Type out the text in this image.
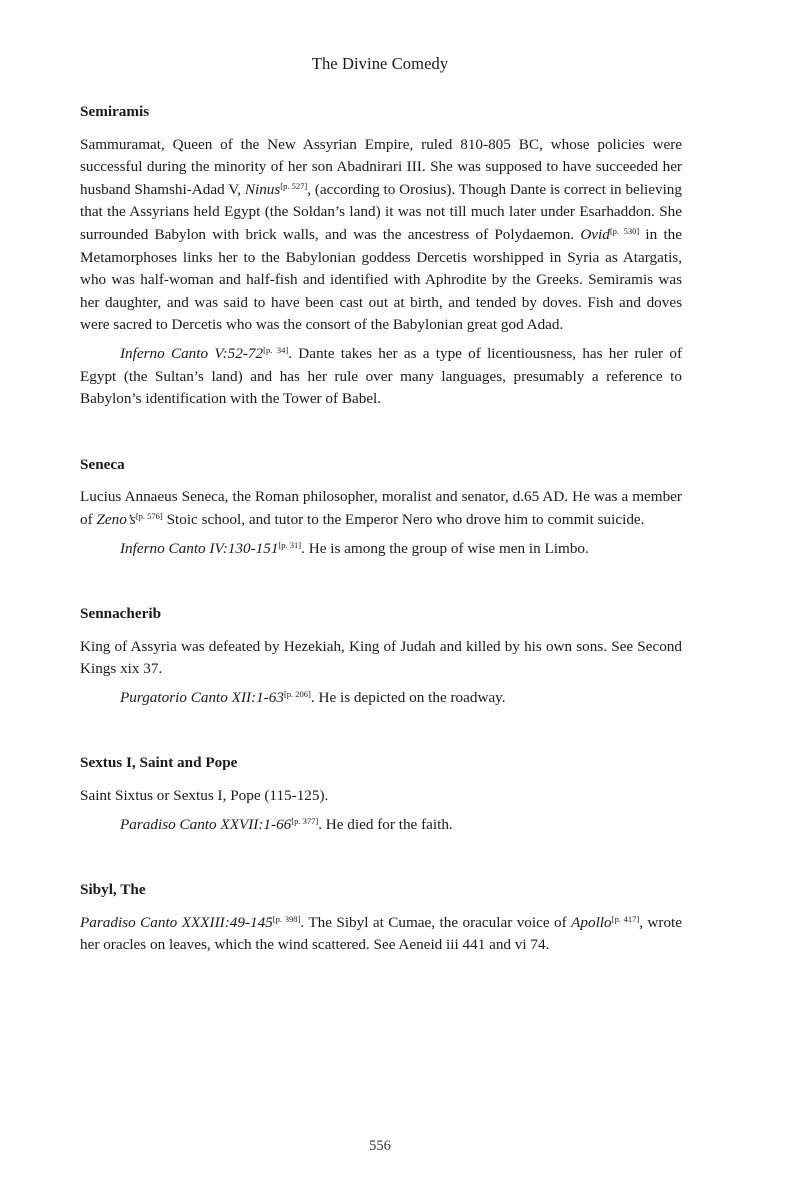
The Divine Comedy
Semiramis

Sammuramat, Queen of the New Assyrian Empire, ruled 810-805 BC, whose policies were successful during the minority of her son Abadnirari III. She was supposed to have succeeded her husband Shamshi-Adad V, Ninus[p. 527], (according to Orosius). Though Dante is correct in believing that the Assyrians held Egypt (the Soldan’s land) it was not till much later under Esarhaddon. She surrounded Babylon with brick walls, and was the ancestress of Polydaemon. Ovid[p. 530] in the Metamorphoses links her to the Babylonian goddess Dercetis worshipped in Syria as Atargatis, who was half-woman and half-fish and identified with Aphrodite by the Greeks. Semiramis was her daughter, and was said to have been cast out at birth, and tended by doves. Fish and doves were sacred to Dercetis who was the consort of the Babylonian great god Adad.

Inferno Canto V:52-72[p. 34]. Dante takes her as a type of licentiousness, has her ruler of Egypt (the Sultan’s land) and has her rule over many languages, presumably a reference to Babylon’s identification with the Tower of Babel.

Seneca

Lucius Annaeus Seneca, the Roman philosopher, moralist and senator, d.65 AD. He was a member of Zeno’s[p. 576] Stoic school, and tutor to the Emperor Nero who drove him to commit suicide.

Inferno Canto IV:130-151[p. 31]. He is among the group of wise men in Limbo.

Sennacherib

King of Assyria was defeated by Hezekiah, King of Judah and killed by his own sons. See Second Kings xix 37.

Purgatorio Canto XII:1-63[p. 206]. He is depicted on the roadway.

Sextus I, Saint and Pope

Saint Sixtus or Sextus I, Pope (115-125).

Paradiso Canto XXVII:1-66[p. 377]. He died for the faith.

Sibyl, The

Paradiso Canto XXXIII:49-145[p. 398]. The Sibyl at Cumae, the oracular voice of Apollo[p. 417], wrote her oracles on leaves, which the wind scattered. See Aeneid iii 441 and vi 74.

556
